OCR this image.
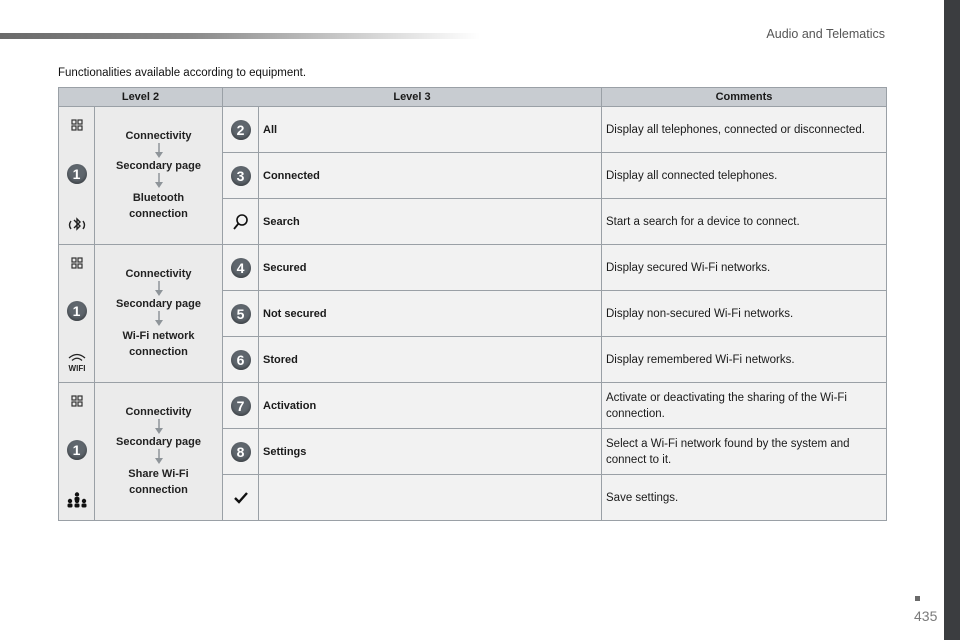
Audio and Telematics
Functionalities available according to equipment.
Level 2		Level 3		Comments

1	Connectivity
Secondary page
Bluetooth connection	2	All	Display all telephones, connected or disconnected.

3	Connected	Display all connected telephones.

	Search	Start a search for a device to connect.

1
WIFI	Connectivity
Secondary page
Wi-Fi network connection	4	Secured	Display secured Wi-Fi networks.

5	Not secured	Display non-secured Wi-Fi networks.

6	Stored	Display remembered Wi-Fi networks.

1	Connectivity
Secondary page
Share Wi-Fi connection	7	Activation	Activate or deactivating the sharing of the Wi-Fi connection.

8	Settings	Select a Wi-Fi network found by the system and connect to it.

		Save settings.
435
